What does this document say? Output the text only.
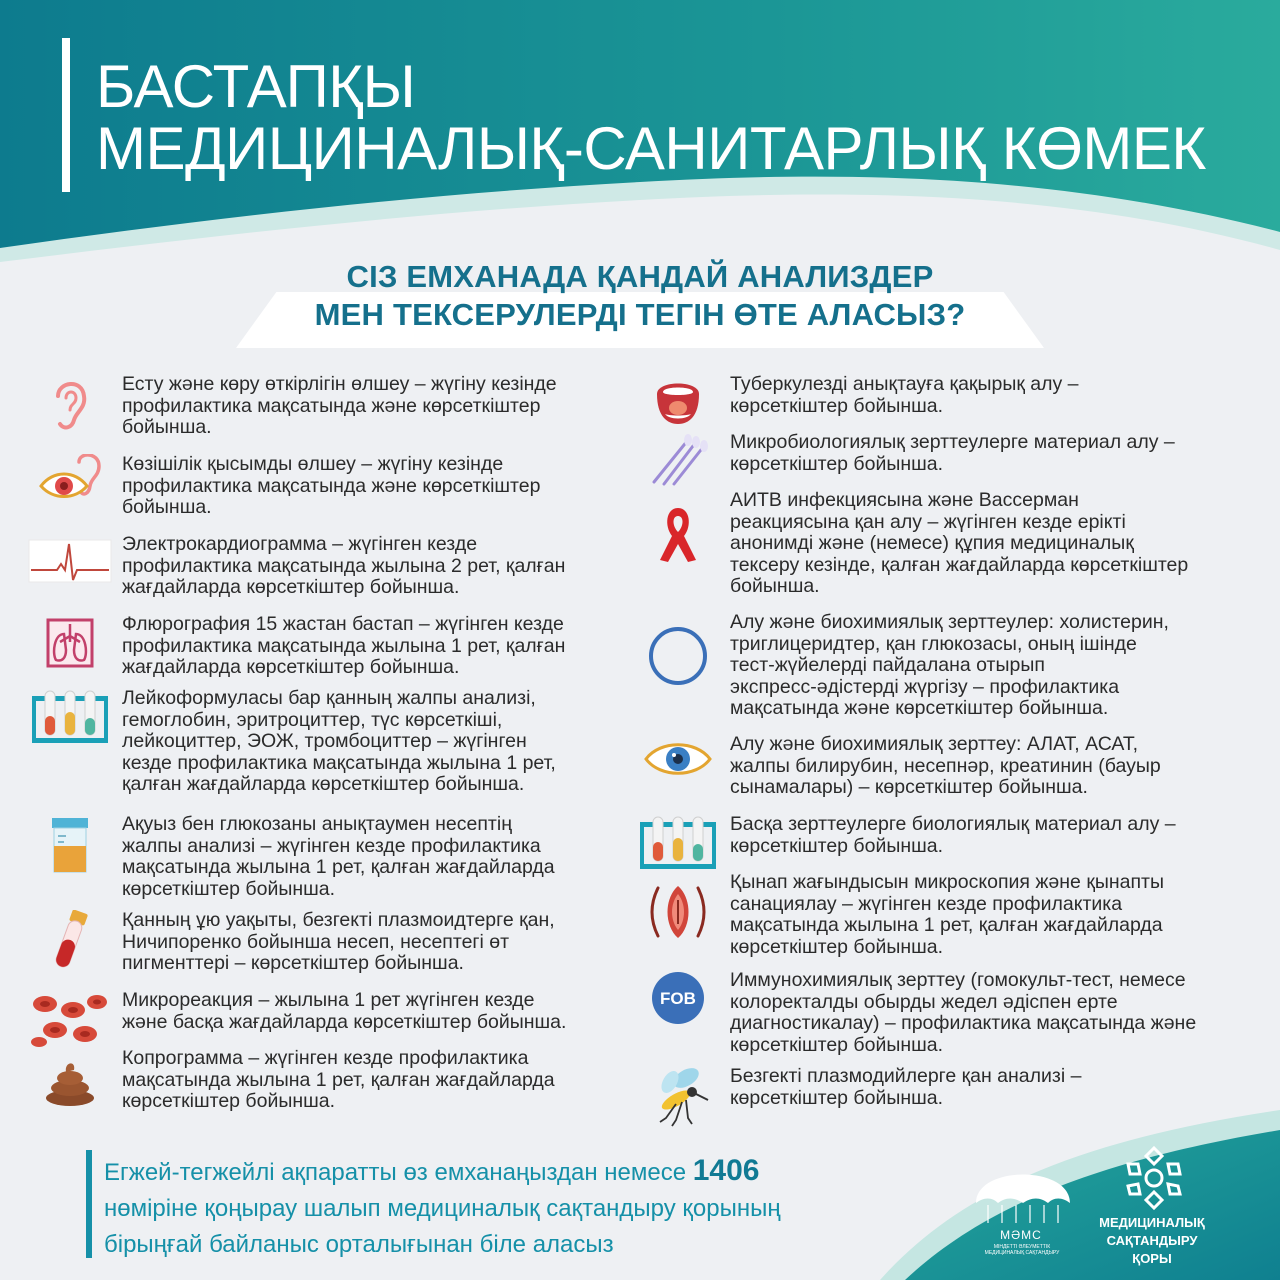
БАСТАПҚЫ
МЕДИЦИНАЛЫҚ-САНИТАРЛЫҚ КӨМЕК
СІЗ ЕМХАНАДА ҚАНДАЙ АНАЛИЗДЕР
МЕН ТЕКСЕРУЛЕРДІ ТЕГІН ӨТЕ АЛАСЫЗ?
Есту және көру өткірлігін өлшеу – жүгіну кезінде
профилактика мақсатында және көрсеткіштер
бойынша.
Көзішілік қысымды өлшеу – жүгіну кезінде
профилактика мақсатында және көрсеткіштер
бойынша.
Электрокардиограмма – жүгінген кезде
профилактика мақсатында жылына 2 рет, қалған
жағдайларда көрсеткіштер бойынша.
Флюрография 15 жастан бастап – жүгінген кезде
профилактика мақсатында жылына 1 рет, қалған
жағдайларда көрсеткіштер бойынша.
Лейкоформуласы бар қанның жалпы анализі,
гемоглобин, эритроциттер, түс көрсеткіші,
лейкоциттер, ЭОЖ, тромбоциттер – жүгінген
кезде профилактика мақсатында жылына 1 рет,
қалған жағдайларда көрсеткіштер бойынша.
Ақуыз бен глюкозаны анықтаумен несептің
жалпы анализі – жүгінген кезде профилактика
мақсатында жылына 1 рет, қалған жағдайларда
көрсеткіштер бойынша.
Қанның ұю уақыты, безгекті плазмоидтерге қан,
Ничипоренко бойынша несеп, несептегі өт
пигменттері – көрсеткіштер бойынша.
Микрореакция – жылына 1 рет жүгінген кезде
және басқа жағдайларда көрсеткіштер бойынша.
Копрограмма – жүгінген кезде профилактика
мақсатында жылына 1 рет, қалған жағдайларда
көрсеткіштер бойынша.
Туберкулезді анықтауға қақырық алу –
көрсеткіштер бойынша.
Микробиологиялық зерттеулерге материал алу –
көрсеткіштер бойынша.
АИТВ инфекциясына және Вассерман
реакциясына қан алу – жүгінген кезде ерікті
анонимді және (немесе) құпия медициналық
тексеру кезінде, қалған жағдайларда көрсеткіштер
бойынша.
Алу және биохимиялық зерттеулер: холистерин,
триглицеридтер, қан глюкозасы, оның ішінде
тест-жүйелерді пайдалана отырып
экспресс-әдістерді жүргізу – профилактика
мақсатында және көрсеткіштер бойынша.
Алу және биохимиялық зерттеу: АЛАТ, АСАТ,
жалпы билирубин, несепнәр, креатинин (бауыр
сынамалары) – көрсеткіштер бойынша.
Басқа зерттеулерге биологиялық материал алу –
көрсеткіштер бойынша.
Қынап жағындысын микроскопия және қынапты
санациялау – жүгінген кезде профилактика
мақсатында жылына 1 рет, қалған жағдайларда
көрсеткіштер бойынша.
FOB
Иммунохимиялық зерттеу (гомокульт-тест, немесе
колоректалды обырды жедел әдіспен ерте
диагностикалау) – профилактика мақсатында және
көрсеткіштер бойынша.
Безгекті плазмодийлерге қан анализі –
көрсеткіштер бойынша.
Егжей-тегжейлі ақпаратты өз емханаңыздан немесе 1406
нөміріне қоңырау шалып медициналық сақтандыру қорының
бірыңғай байланыс орталығынан біле аласыз	МӘМС
МІНДЕТТІ ӘЛЕУМЕТТІК МЕДИЦИНАЛЫҚ САҚТАНДЫРУ
МЕДИЦИНАЛЫҚ
САҚТАНДЫРУ
ҚОРЫ
